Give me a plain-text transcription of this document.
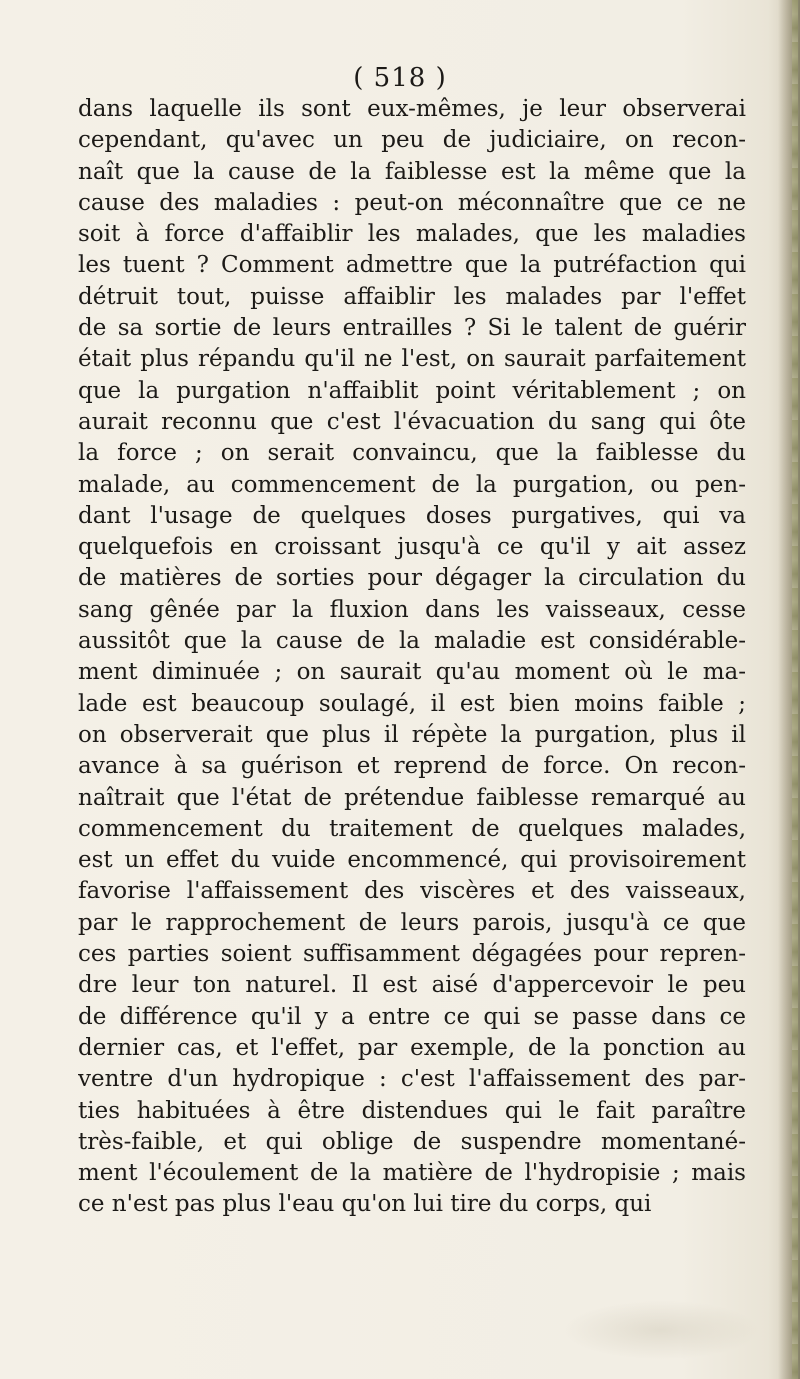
( 518 )
dans laquelle ils sont eux-mêmes, je leur observerai
cependant, qu'avec un peu de judiciaire, on recon-
naît que la cause de la faiblesse est la même que la
cause des maladies : peut-on méconnaître que ce ne
soit à force d'affaiblir les malades, que les maladies
les tuent ? Comment admettre que la putréfaction qui
détruit tout, puisse affaiblir les malades par l'effet
de sa sortie de leurs entrailles ? Si le talent de guérir
était plus répandu qu'il ne l'est, on saurait parfaitement
que la purgation n'affaiblit point véritablement ; on
aurait reconnu que c'est l'évacuation du sang qui ôte
la force ; on serait convaincu, que la faiblesse du
malade, au commencement de la purgation, ou pen-
dant l'usage de quelques doses purgatives, qui va
quelquefois en croissant jusqu'à ce qu'il y ait assez
de matières de sorties pour dégager la circulation du
sang gênée par la fluxion dans les vaisseaux, cesse
aussitôt que la cause de la maladie est considérable-
ment diminuée ; on saurait qu'au moment où le ma-
lade est beaucoup soulagé, il est bien moins faible ;
on observerait que plus il répète la purgation, plus il
avance à sa guérison et reprend de force. On recon-
naîtrait que l'état de prétendue faiblesse remarqué au
commencement du traitement de quelques malades,
est un effet du vuide encommencé, qui provisoirement
favorise l'affaissement des viscères et des vaisseaux,
par le rapprochement de leurs parois, jusqu'à ce que
ces parties soient suffisamment dégagées pour repren-
dre leur ton naturel. Il est aisé d'appercevoir le peu
de différence qu'il y a entre ce qui se passe dans ce
dernier cas, et l'effet, par exemple, de la ponction au
ventre d'un hydropique : c'est l'affaissement des par-
ties habituées à être distendues qui le fait paraître
très-faible, et qui oblige de suspendre momentané-
ment l'écoulement de la matière de l'hydropisie ; mais
ce n'est pas plus l'eau qu'on lui tire du corps, qui
